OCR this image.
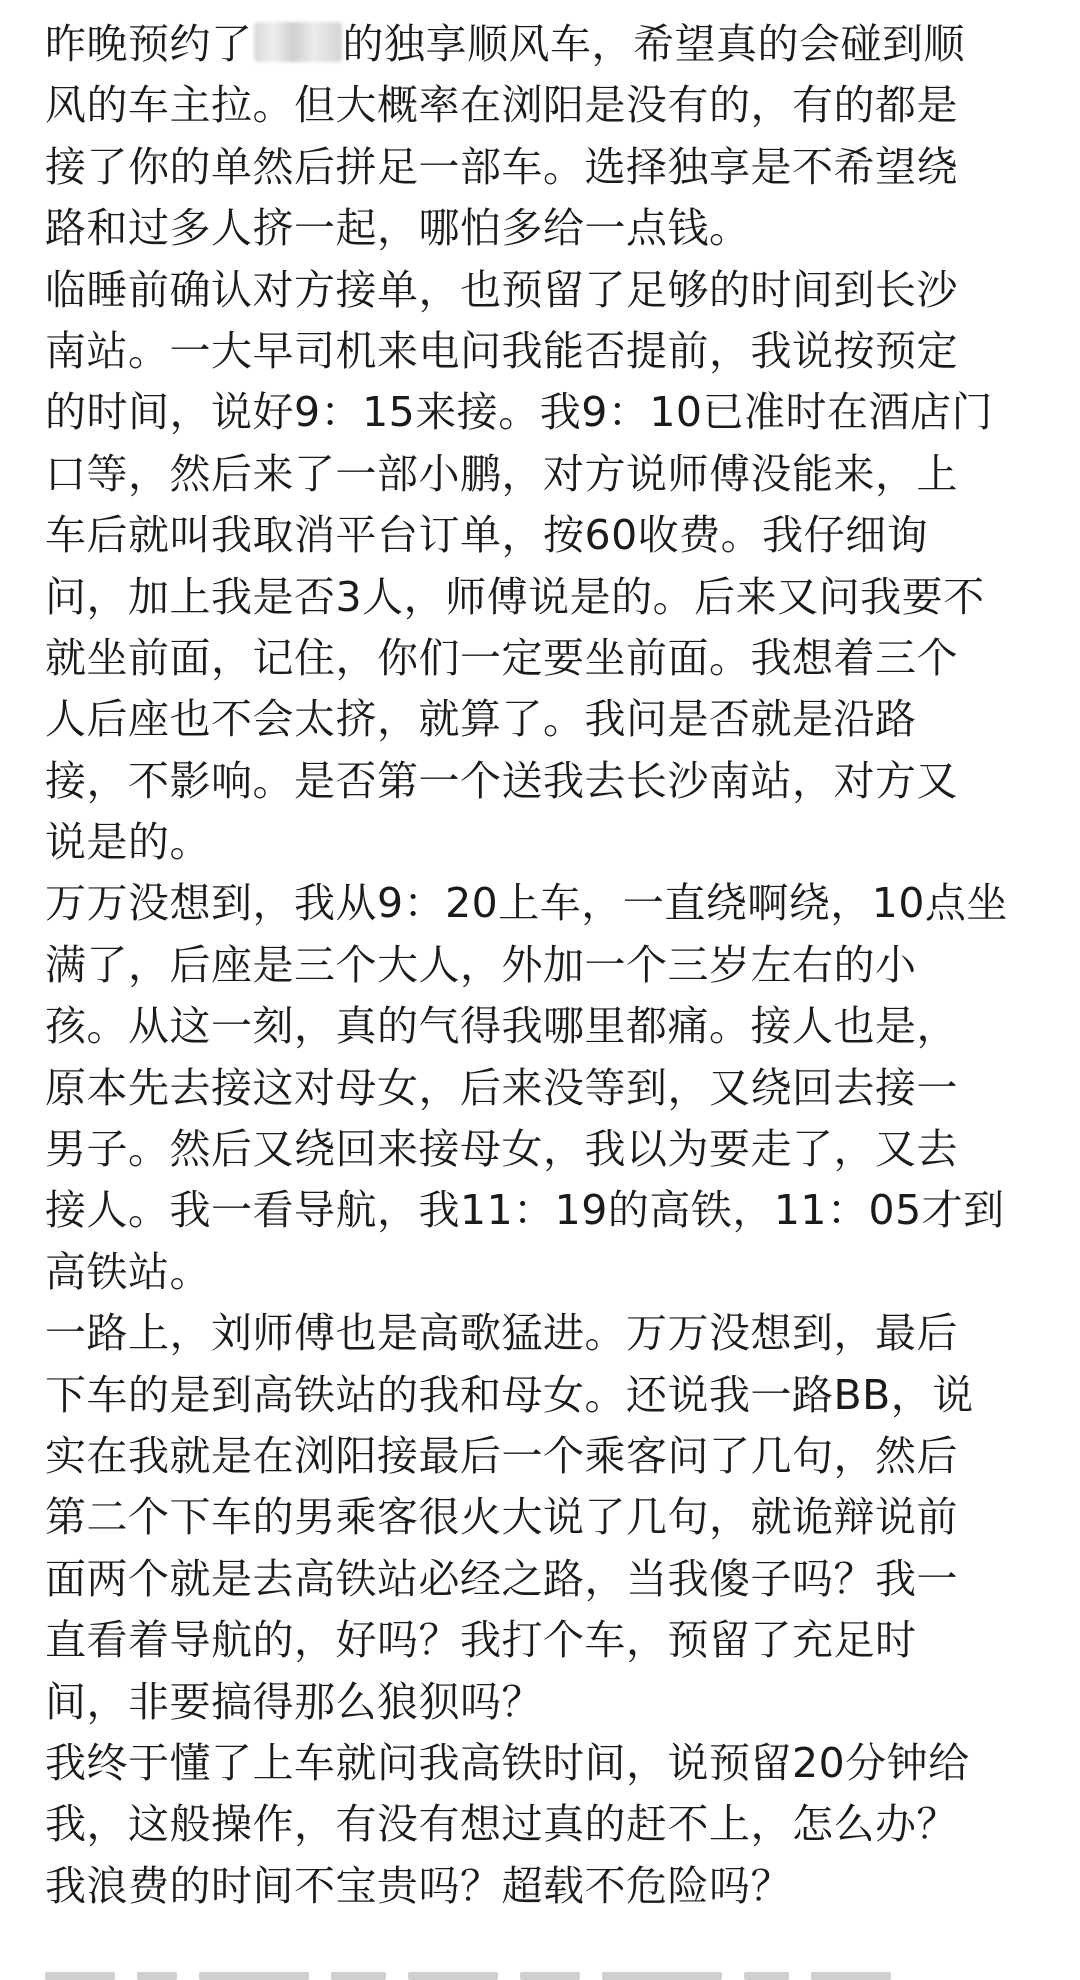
昨晚预约了 的独享顺风车，希望真的会碰到顺
风的车主拉。但大概率在浏阳是没有的，有的都是
接了你的单然后拼足一部车。选择独享是不希望绕
路和过多人挤一起，哪怕多给一点钱。
临睡前确认对方接单，也预留了足够的时间到长沙
南站。一大早司机来电问我能否提前，我说按预定
的时间，说好9：15来接。我9：10已准时在酒店门
口等，然后来了一部小鹏，对方说师傅没能来，上
车后就叫我取消平台订单，按60收费。我仔细询
问，加上我是否3人，师傅说是的。后来又问我要不
就坐前面，记住，你们一定要坐前面。我想着三个
人后座也不会太挤，就算了。我问是否就是沿路
接，不影响。是否第一个送我去长沙南站，对方又
说是的。
万万没想到，我从9：20上车，一直绕啊绕，10点坐
满了，后座是三个大人，外加一个三岁左右的小
孩。从这一刻，真的气得我哪里都痛。接人也是，
原本先去接这对母女，后来没等到，又绕回去接一
男子。然后又绕回来接母女，我以为要走了，又去
接人。我一看导航，我11：19的高铁，11：05才到
高铁站。
一路上，刘师傅也是高歌猛进。万万没想到，最后
下车的是到高铁站的我和母女。还说我一路BB，说
实在我就是在浏阳接最后一个乘客问了几句，然后
第二个下车的男乘客很火大说了几句，就诡辩说前
面两个就是去高铁站必经之路，当我傻子吗？我一
直看着导航的，好吗？我打个车，预留了充足时
间，非要搞得那么狼狈吗？
我终于懂了上车就问我高铁时间，说预留20分钟给
我，这般操作，有没有想过真的赶不上，怎么办？
我浪费的时间不宝贵吗？超载不危险吗？
